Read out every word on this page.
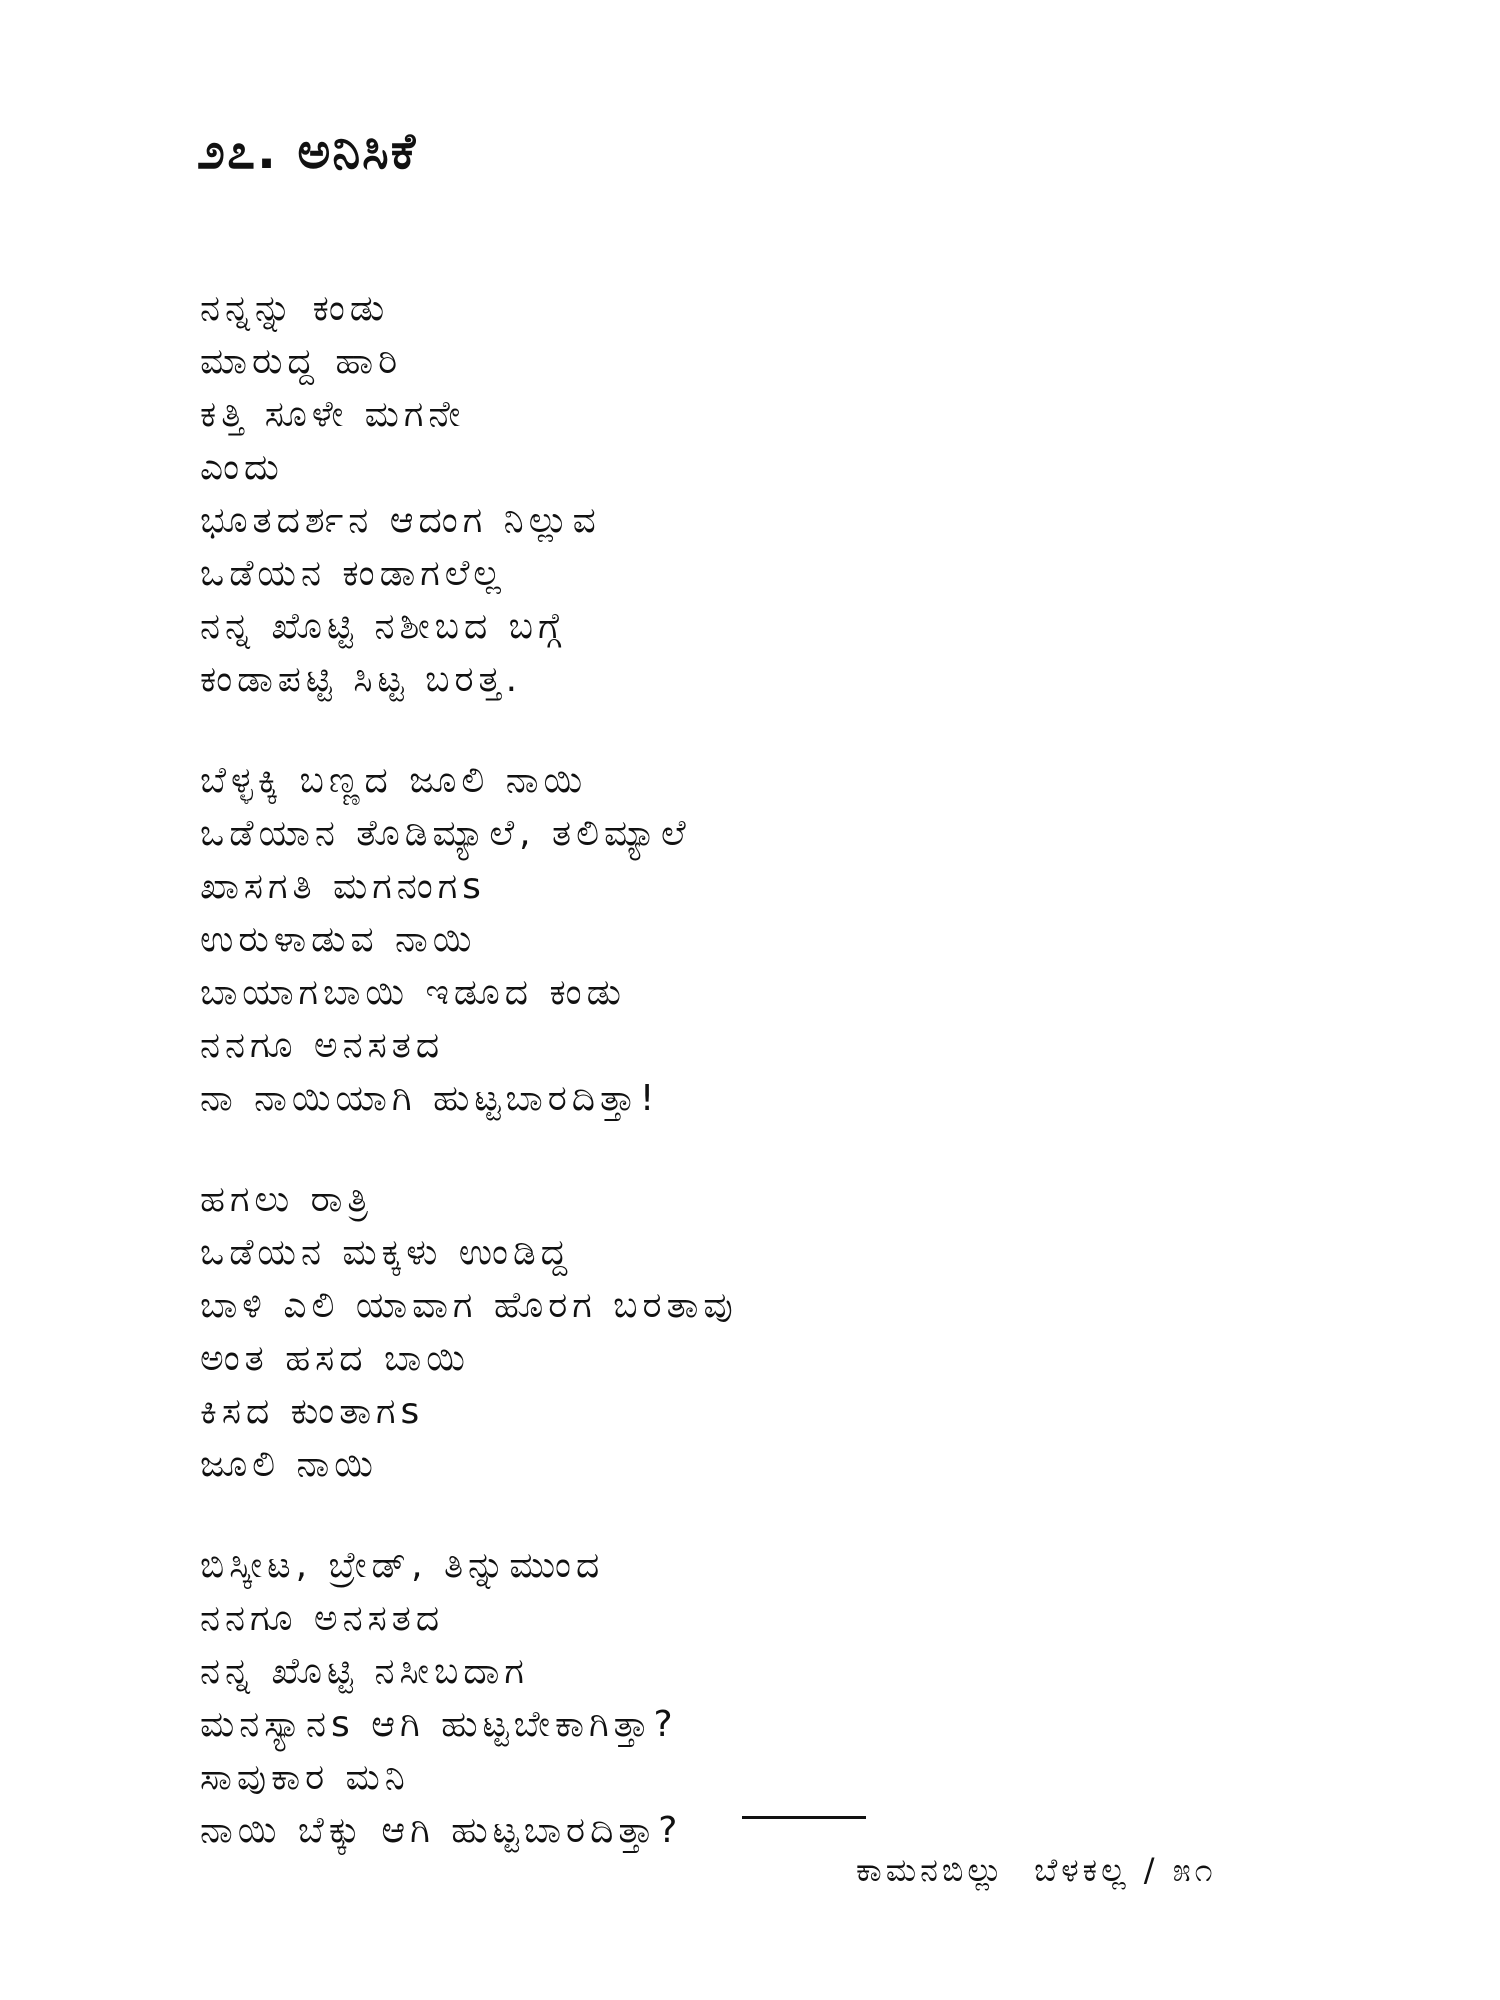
೨೭. ಅನಿಸಿಕೆ
ನನ್ನನ್ನು ಕಂಡು
ಮಾರುದ್ದ ಹಾರಿ
ಕತ್ತಿ ಸೂಳೇ ಮಗನೇ
ಎಂದು
ಭೂತದರ್ಶನ ಆದಂಗ ನಿಲ್ಲುವ
ಒಡೆಯನ ಕಂಡಾಗಲೆಲ್ಲ
ನನ್ನ ಖೊಟ್ಟಿ ನಶೀಬದ ಬಗ್ಗೆ
ಕಂಡಾಪಟ್ಟಿ ಸಿಟ್ಟ ಬರತ್ತ.
ಬೆಳ್ಳಕ್ಕಿ ಬಣ್ಣದ ಜೂಲಿ ನಾಯಿ
ಒಡೆಯಾನ ತೊಡಿಮ್ಯಾಲೆ, ತಲಿಮ್ಯಾಲೆ
ಖಾಸಗತಿ ಮಗನಂಗs
ಉರುಳಾಡುವ ನಾಯಿ
ಬಾಯಾಗಬಾಯಿ ಇಡೂದ ಕಂಡು
ನನಗೂ ಅನಸತದ
ನಾ ನಾಯಿಯಾಗಿ ಹುಟ್ಟಬಾರದಿತ್ತಾ!
ಹಗಲು ರಾತ್ರಿ
ಒಡೆಯನ ಮಕ್ಕಳು ಉಂಡಿದ್ದ
ಬಾಳಿ ಎಲಿ ಯಾವಾಗ ಹೊರಗ ಬರತಾವು
ಅಂತ ಹಸದ ಬಾಯಿ
ಕಿಸದ ಕುಂತಾಗs
ಜೂಲಿ ನಾಯಿ
ಬಿಸ್ಕೀಟ, ಬ್ರೇಡ್, ತಿನ್ನುಮುಂದ
ನನಗೂ ಅನಸತದ
ನನ್ನ ಖೊಟ್ಟಿ ನಸೀಬದಾಗ
ಮನಸ್ಯಾನs ಆಗಿ ಹುಟ್ಟಬೇಕಾಗಿತ್ತಾ?
ಸಾವುಕಾರ ಮನಿ
ನಾಯಿ ಬೆಕ್ಕು ಆಗಿ ಹುಟ್ಟಬಾರದಿತ್ತಾ?
ಕಾಮನಬಿಲ್ಲು ಬೆಳಕಲ್ಲ / ೫೧
